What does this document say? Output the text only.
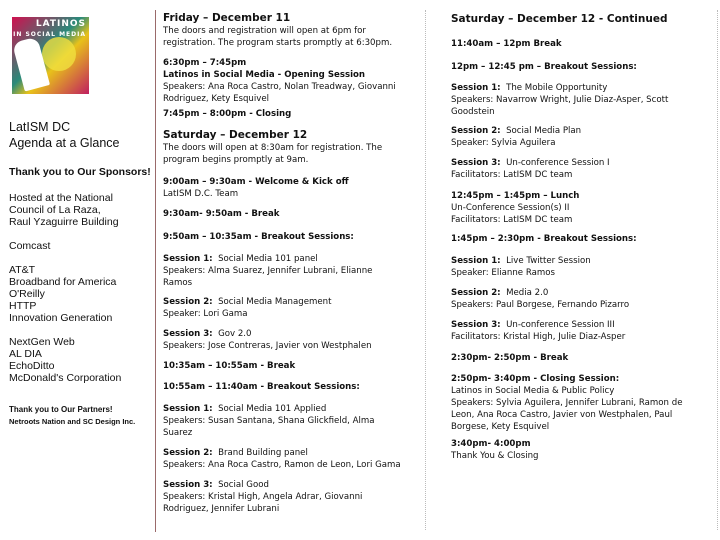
LATINOS
IN SOCIAL MEDIA
LatISM DC
Agenda at a Glance
Thank you to Our Sponsors!
Hosted at the National
Council of La Raza,
Raul Yzaguirre Building
Comcast
AT&T
Broadband for America
O'Reilly
HTTP
Innovation Generation
NextGen Web
AL DIA
EchoDitto
McDonald's Corporation
Thank you to Our Partners!
Netroots Nation and SC Design Inc.
Friday – December 11
The doors and registration will open at 6pm for
registration. The program starts promptly at 6:30pm.
6:30pm – 7:45pm
Latinos in Social Media - Opening Session
Speakers: Ana Roca Castro, Nolan Treadway, Giovanni
Rodriguez, Kety Esquivel
7:45pm – 8:00pm - Closing
Saturday – December 12
The doors will open at 8:30am for registration. The
program begins promptly at 9am.
9:00am – 9:30am - Welcome & Kick off
LatISM D.C. Team
9:30am- 9:50am - Break
9:50am – 10:35am - Breakout Sessions:
Session 1: Social Media 101 panel
Speakers: Alma Suarez, Jennifer Lubrani, Elianne
Ramos
Session 2: Social Media Management
Speaker: Lori Gama
Session 3: Gov 2.0
Speakers: Jose Contreras, Javier von Westphalen
10:35am – 10:55am - Break
10:55am – 11:40am - Breakout Sessions:
Session 1: Social Media 101 Applied
Speakers: Susan Santana, Shana Glickfield, Alma
Suarez
Session 2: Brand Building panel
Speakers: Ana Roca Castro, Ramon de Leon, Lori Gama
Session 3: Social Good
Speakers: Kristal High, Angela Adrar, Giovanni
Rodriguez, Jennifer Lubrani
Saturday – December 12 - Continued
11:40am – 12pm Break
12pm – 12:45 pm – Breakout Sessions:
Session 1: The Mobile Opportunity
Speakers: Navarrow Wright, Julie Diaz-Asper, Scott
Goodstein
Session 2: Social Media Plan
Speaker: Sylvia Aguilera
Session 3: Un-conference Session I
Facilitators: LatISM DC team
12:45pm – 1:45pm – Lunch
Un-Conference Session(s) II
Facilitators: LatISM DC team
1:45pm – 2:30pm - Breakout Sessions:
Session 1: Live Twitter Session
Speaker: Elianne Ramos
Session 2: Media 2.0
Speakers: Paul Borgese, Fernando Pizarro
Session 3: Un-conference Session III
Facilitators: Kristal High, Julie Diaz-Asper
2:30pm- 2:50pm - Break
2:50pm- 3:40pm - Closing Session:
Latinos in Social Media & Public Policy
Speakers: Sylvia Aguilera, Jennifer Lubrani, Ramon de
Leon, Ana Roca Castro, Javier von Westphalen, Paul
Borgese, Kety Esquivel
3:40pm- 4:00pm
Thank You & Closing
